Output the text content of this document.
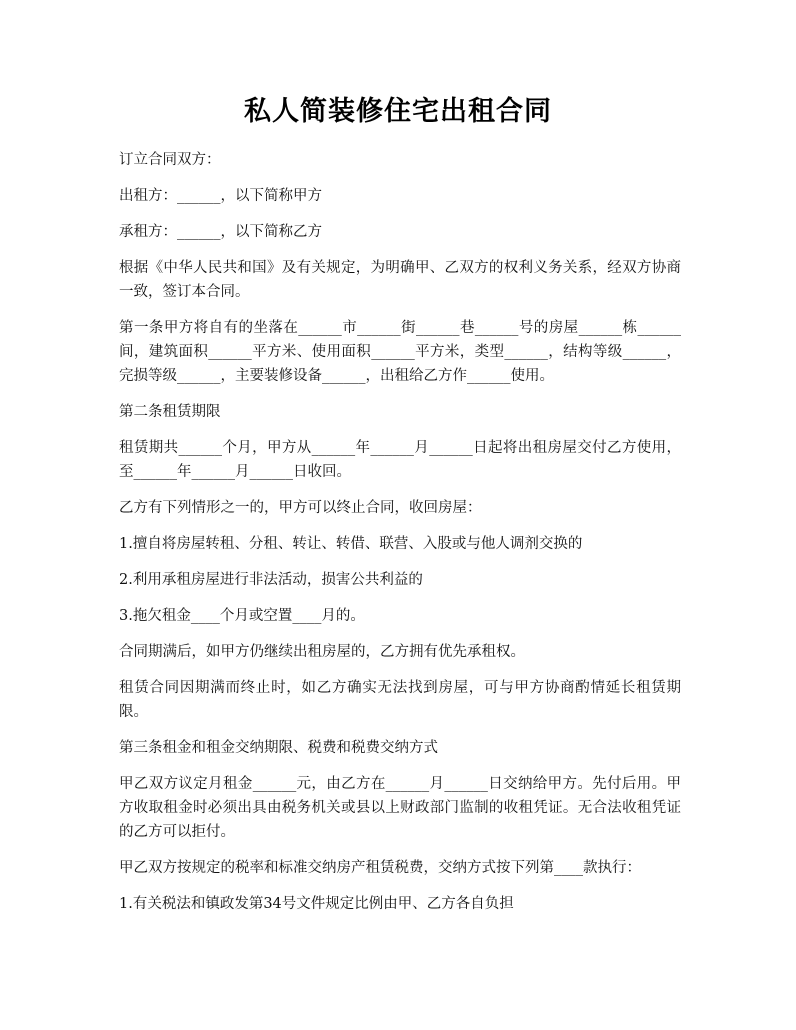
私人简装修住宅出租合同

订立合同双方：

出租方：______，以下简称甲方

承租方：______，以下简称乙方

根据《中华人民共和国》及有关规定，为明确甲、乙双方的权利义务关系，经双方协商一致，签订本合同。

第一条甲方将自有的坐落在______市______街______巷______号的房屋______栋______间，建筑面积______平方米、使用面积______平方米，类型______，结构等级______，完损等级______，主要装修设备______，出租给乙方作______使用。

第二条租赁期限

租赁期共______个月，甲方从______年______月______日起将出租房屋交付乙方使用，至______年______月______日收回。

乙方有下列情形之一的，甲方可以终止合同，收回房屋：

1.擅自将房屋转租、分租、转让、转借、联营、入股或与他人调剂交换的

2.利用承租房屋进行非法活动，损害公共利益的

3.拖欠租金____个月或空置____月的。

合同期满后，如甲方仍继续出租房屋的，乙方拥有优先承租权。

租赁合同因期满而终止时，如乙方确实无法找到房屋，可与甲方协商酌情延长租赁期限。

第三条租金和租金交纳期限、税费和税费交纳方式

甲乙双方议定月租金______元，由乙方在______月______日交纳给甲方。先付后用。甲方收取租金时必须出具由税务机关或县以上财政部门监制的收租凭证。无合法收租凭证的乙方可以拒付。

甲乙双方按规定的税率和标准交纳房产租赁税费，交纳方式按下列第____款执行：

1.有关税法和镇政发第34号文件规定比例由甲、乙方各自负担
